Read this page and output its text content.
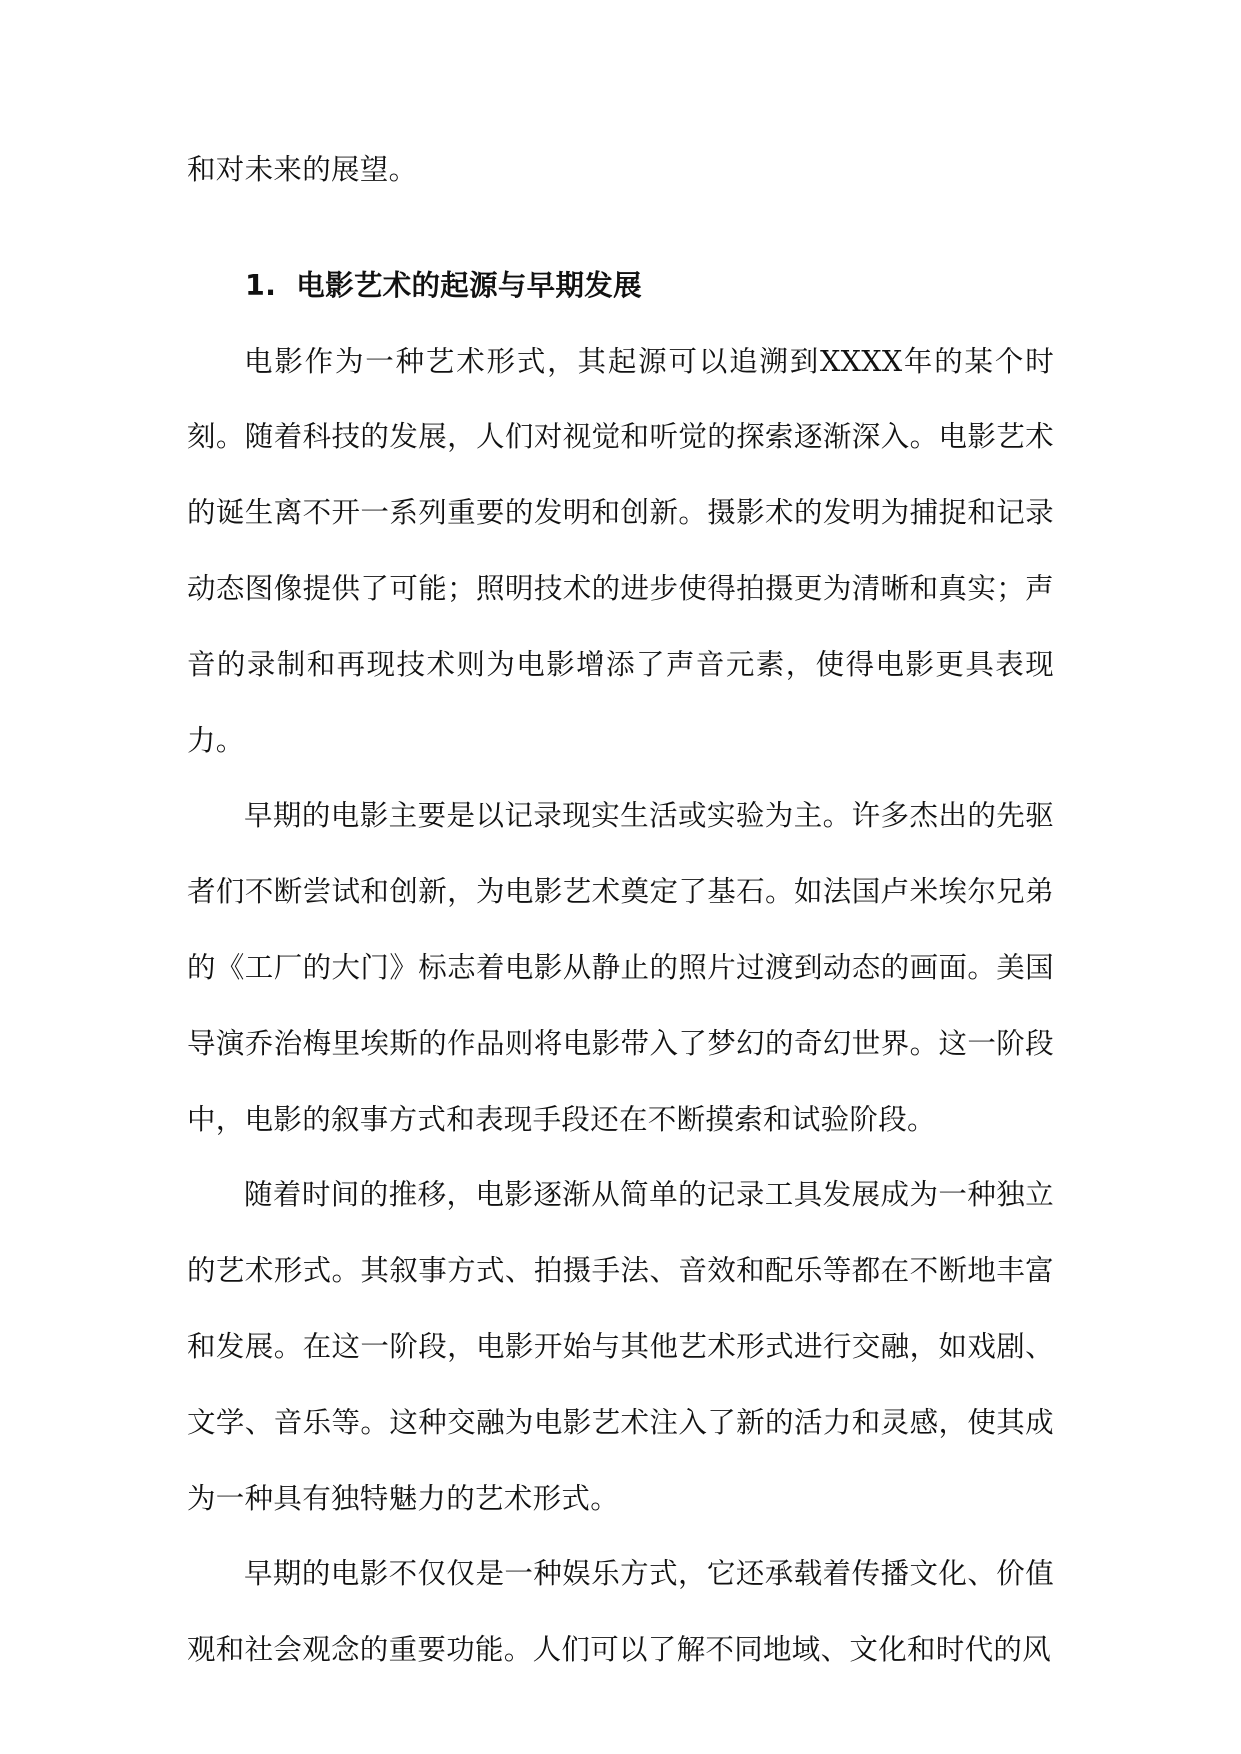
和对未来的展望。

1. 电影艺术的起源与早期发展

电影作为一种艺术形式，其起源可以追溯到XXXX年的某个时刻。随着科技的发展，人们对视觉和听觉的探索逐渐深入。电影艺术的诞生离不开一系列重要的发明和创新。摄影术的发明为捕捉和记录动态图像提供了可能；照明技术的进步使得拍摄更为清晰和真实；声音的录制和再现技术则为电影增添了声音元素，使得电影更具表现力。

早期的电影主要是以记录现实生活或实验为主。许多杰出的先驱者们不断尝试和创新，为电影艺术奠定了基石。如法国卢米埃尔兄弟的《工厂的大门》标志着电影从静止的照片过渡到动态的画面。美国导演乔治梅里埃斯的作品则将电影带入了梦幻的奇幻世界。这一阶段中，电影的叙事方式和表现手段还在不断摸索和试验阶段。

随着时间的推移，电影逐渐从简单的记录工具发展成为一种独立的艺术形式。其叙事方式、拍摄手法、音效和配乐等都在不断地丰富和发展。在这一阶段，电影开始与其他艺术形式进行交融，如戏剧、文学、音乐等。这种交融为电影艺术注入了新的活力和灵感，使其成为一种具有独特魅力的艺术形式。

早期的电影不仅仅是一种娱乐方式，它还承载着传播文化、价值观和社会观念的重要功能。人们可以了解不同地域、文化和时代的风
